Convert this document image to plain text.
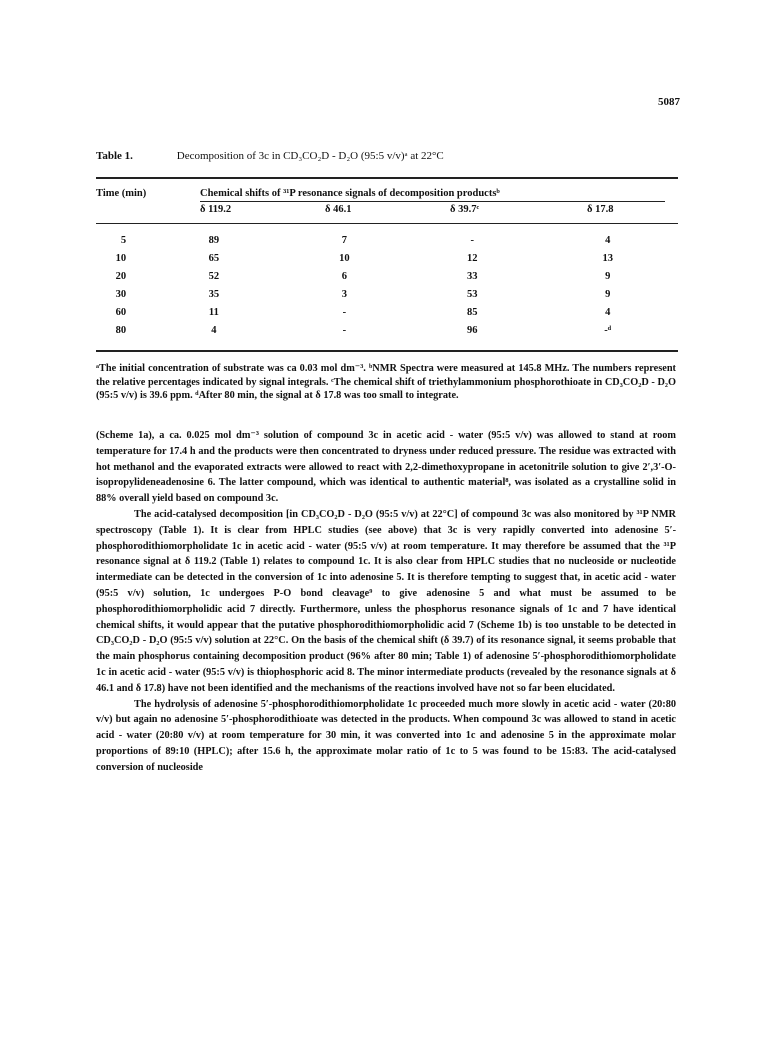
5087
Table 1.	Decomposition of 3c in CD₃CO₂D - D₂O (95:5 v/v)ᵃ at 22°C
Time (min)	Chemical shifts of ³¹P resonance signals of decomposition productsᵇ
δ 119.2	δ 46.1	δ 39.7ᶜ	δ 17.8
5		89	7	-	4
10		65	10	12	13
20		52	6	33	9
30		35	3	53	9
60		11	-	85	4
80		4	-	96	-ᵈ
ᵃThe initial concentration of substrate was ca 0.03 mol dm⁻³. ᵇNMR Spectra were measured at 145.8 MHz. The numbers represent the relative percentages indicated by signal integrals. ᶜThe chemical shift of triethylammonium phosphorothioate in CD₃CO₂D - D₂O (95:5 v/v) is 39.6 ppm. ᵈAfter 80 min, the signal at δ 17.8 was too small to integrate.

(Scheme 1a), a ca. 0.025 mol dm⁻³ solution of compound 3c in acetic acid - water (95:5 v/v) was allowed to stand at room temperature for 17.4 h and the products were then concentrated to dryness under reduced pressure. The residue was extracted with hot methanol and the evaporated extracts were allowed to react with 2,2-dimethoxypropane in acetonitrile solution to give 2′,3′-O-isopropylideneadenosine 6. The latter compound, which was identical to authentic material⁸, was isolated as a crystalline solid in 88% overall yield based on compound 3c.

The acid-catalysed decomposition [in CD₃CO₂D - D₂O (95:5 v/v) at 22°C] of compound 3c was also monitored by ³¹P NMR spectroscopy (Table 1). It is clear from HPLC studies (see above) that 3c is very rapidly converted into adenosine 5′-phosphorodithiomorpholidate 1c in acetic acid - water (95:5 v/v) at room temperature. It may therefore be assumed that the ³¹P resonance signal at δ 119.2 (Table 1) relates to compound 1c. It is also clear from HPLC studies that no nucleoside or nucleotide intermediate can be detected in the conversion of 1c into adenosine 5. It is therefore tempting to suggest that, in acetic acid - water (95:5 v/v) solution, 1c undergoes P-O bond cleavage⁹ to give adenosine 5 and what must be assumed to be phosphorodithiomorpholidic acid 7 directly. Furthermore, unless the phosphorus resonance signals of 1c and 7 have identical chemical shifts, it would appear that the putative phosphorodithiomorpholidic acid 7 (Scheme 1b) is too unstable to be detected in CD₃CO₂D - D₂O (95:5 v/v) solution at 22°C. On the basis of the chemical shift (δ 39.7) of its resonance signal, it seems probable that the main phosphorus containing decomposition product (96% after 80 min; Table 1) of adenosine 5′-phosphorodithiomorpholidate 1c in acetic acid - water (95:5 v/v) is thiophosphoric acid 8. The minor intermediate products (revealed by the resonance signals at δ 46.1 and δ 17.8) have not been identified and the mechanisms of the reactions involved have not so far been elucidated.

The hydrolysis of adenosine 5′-phosphorodithiomorpholidate 1c proceeded much more slowly in acetic acid - water (20:80 v/v) but again no adenosine 5′-phosphorodithioate was detected in the products. When compound 3c was allowed to stand in acetic acid - water (20:80 v/v) at room temperature for 30 min, it was converted into 1c and adenosine 5 in the approximate molar proportions of 89:10 (HPLC); after 15.6 h, the approximate molar ratio of 1c to 5 was found to be 15:83. The acid-catalysed conversion of nucleoside
